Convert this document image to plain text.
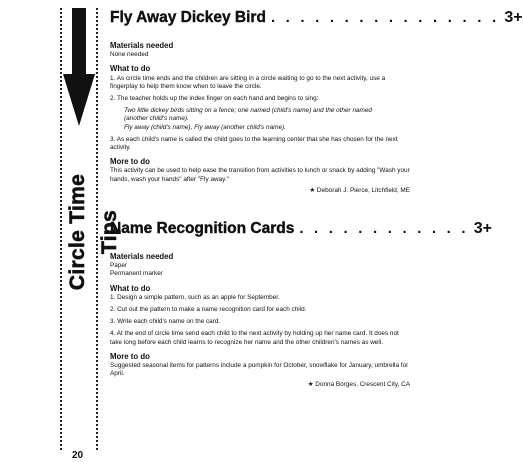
Circle Time Tips
Fly Away Dickey Bird . . . . . . . . . . . . . . . . 3+
Materials needed
None needed
What to do
1. As circle time ends and the children are sitting in a circle waiting to go to the next activity, use a fingerplay to help them know when to leave the circle.
2. The teacher holds up the index finger on each hand and begins to sing:
Two little dickey birds sitting on a fence; one named (child's name) and the other named
(another child's name).
Fly away (child's name), Fly away (another child's name).
3. As each child's name is called the child goes to the learning center that she has chosen for the next activity.
More to do
This activity can be used to help ease the transition from activities to lunch or snack by adding "Wash your hands, wash your hands" after "Fly away."
★ Deborah J. Pierce, Litchfield, ME
Name Recognition Cards . . . . . . . . . . . . 3+
Materials needed
Paper
Permanent marker
What to do
1. Design a simple pattern, such as an apple for September.
2. Cut out the pattern to make a name recognition card for each child.
3. Write each child's name on the card.
4. At the end of circle time send each child to the next activity by holding up her name card. It does not take long before each child learns to recognize her name and the other children's names as well.
More to do
Suggested seasonal items for patterns include a pumpkin for October, snowflake for January, umbrella for April.
★ Donna Borges, Crescent City, CA
20
